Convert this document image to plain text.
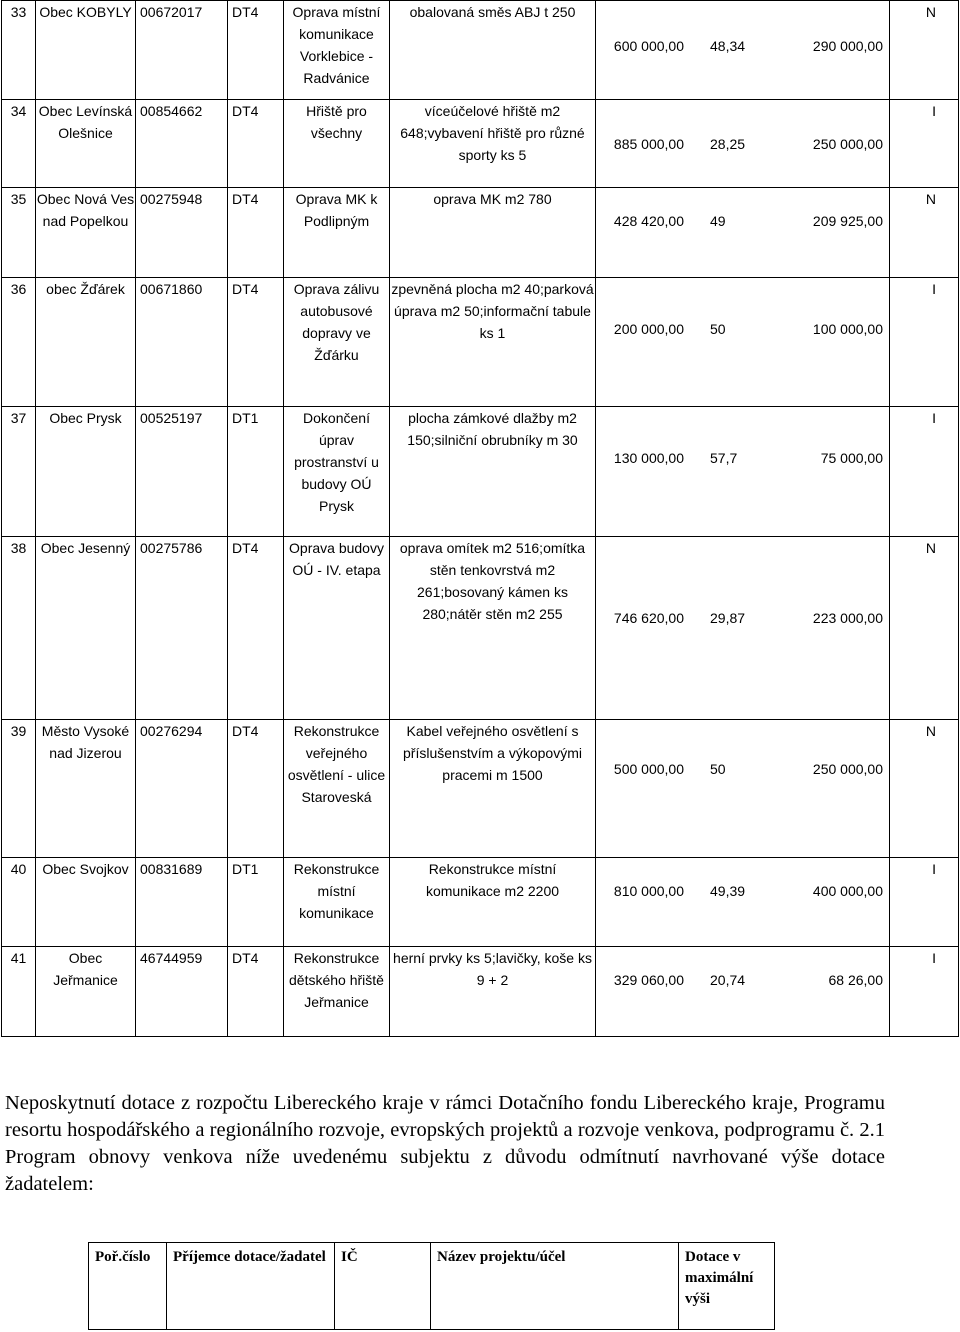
33	Obec KOBYLY	00672017	DT4	Oprava místní komunikace Vorklebice - Radvánice	obalovaná směs ABJ t 250	600 000,00 48,34 290 000,00	N
34	Obec Levínská Olešnice	00854662	DT4	Hřiště pro všechny	víceúčelové hřiště m2 648;vybavení hřiště pro různé sporty ks 5	885 000,00 28,25 250 000,00	I
35	Obec Nová Ves nad Popelkou	00275948	DT4	Oprava MK k Podlipným	oprava MK m2 780	428 420,00 49 209 925,00	N
36	obec Žďárek	00671860	DT4	Oprava zálivu autobusové dopravy ve Žďárku	zpevněná plocha m2 40;parková úprava m2 50;informační tabule ks 1	200 000,00 50 100 000,00	I
37	Obec Prysk	00525197	DT1	Dokončení úprav prostranství u budovy OÚ Prysk	plocha zámkové dlažby m2 150;silniční obrubníky m 30	130 000,00 57,7 75 000,00	I
38	Obec Jesenný	00275786	DT4	Oprava budovy OÚ - IV. etapa	oprava omítek m2 516;omítka stěn tenkovrstvá m2 261;bosovaný kámen ks 280;nátěr stěn m2 255	746 620,00 29,87 223 000,00	N
39	Město Vysoké nad Jizerou	00276294	DT4	Rekonstrukce veřejného osvětlení - ulice Staroveská	Kabel veřejného osvětlení s příslušenstvím a výkopovými pracemi m 1500	500 000,00 50 250 000,00	N
40	Obec Svojkov	00831689	DT1	Rekonstrukce místní komunikace	Rekonstrukce místní komunikace m2 2200	810 000,00 49,39 400 000,00	I
41	Obec Jeřmanice	46744959	DT4	Rekonstrukce dětského hřiště Jeřmanice	herní prvky ks 5;lavičky, koše ks 9 + 2	329 060,00 20,74 68 26,00	I
Neposkytnutí dotace z rozpočtu Libereckého kraje v rámci Dotačního fondu Libereckého kraje, Programu resortu hospodářského a regionálního rozvoje, evropských projektů a rozvoje venkova, podprogramu č. 2.1 Program obnovy venkova níže uvedenému subjektu z důvodu odmítnutí navrhované výše dotace žadatelem:
Poř.číslo	Příjemce dotace/žadatel	IČ	Název projektu/účel	Dotace v maximální výši
